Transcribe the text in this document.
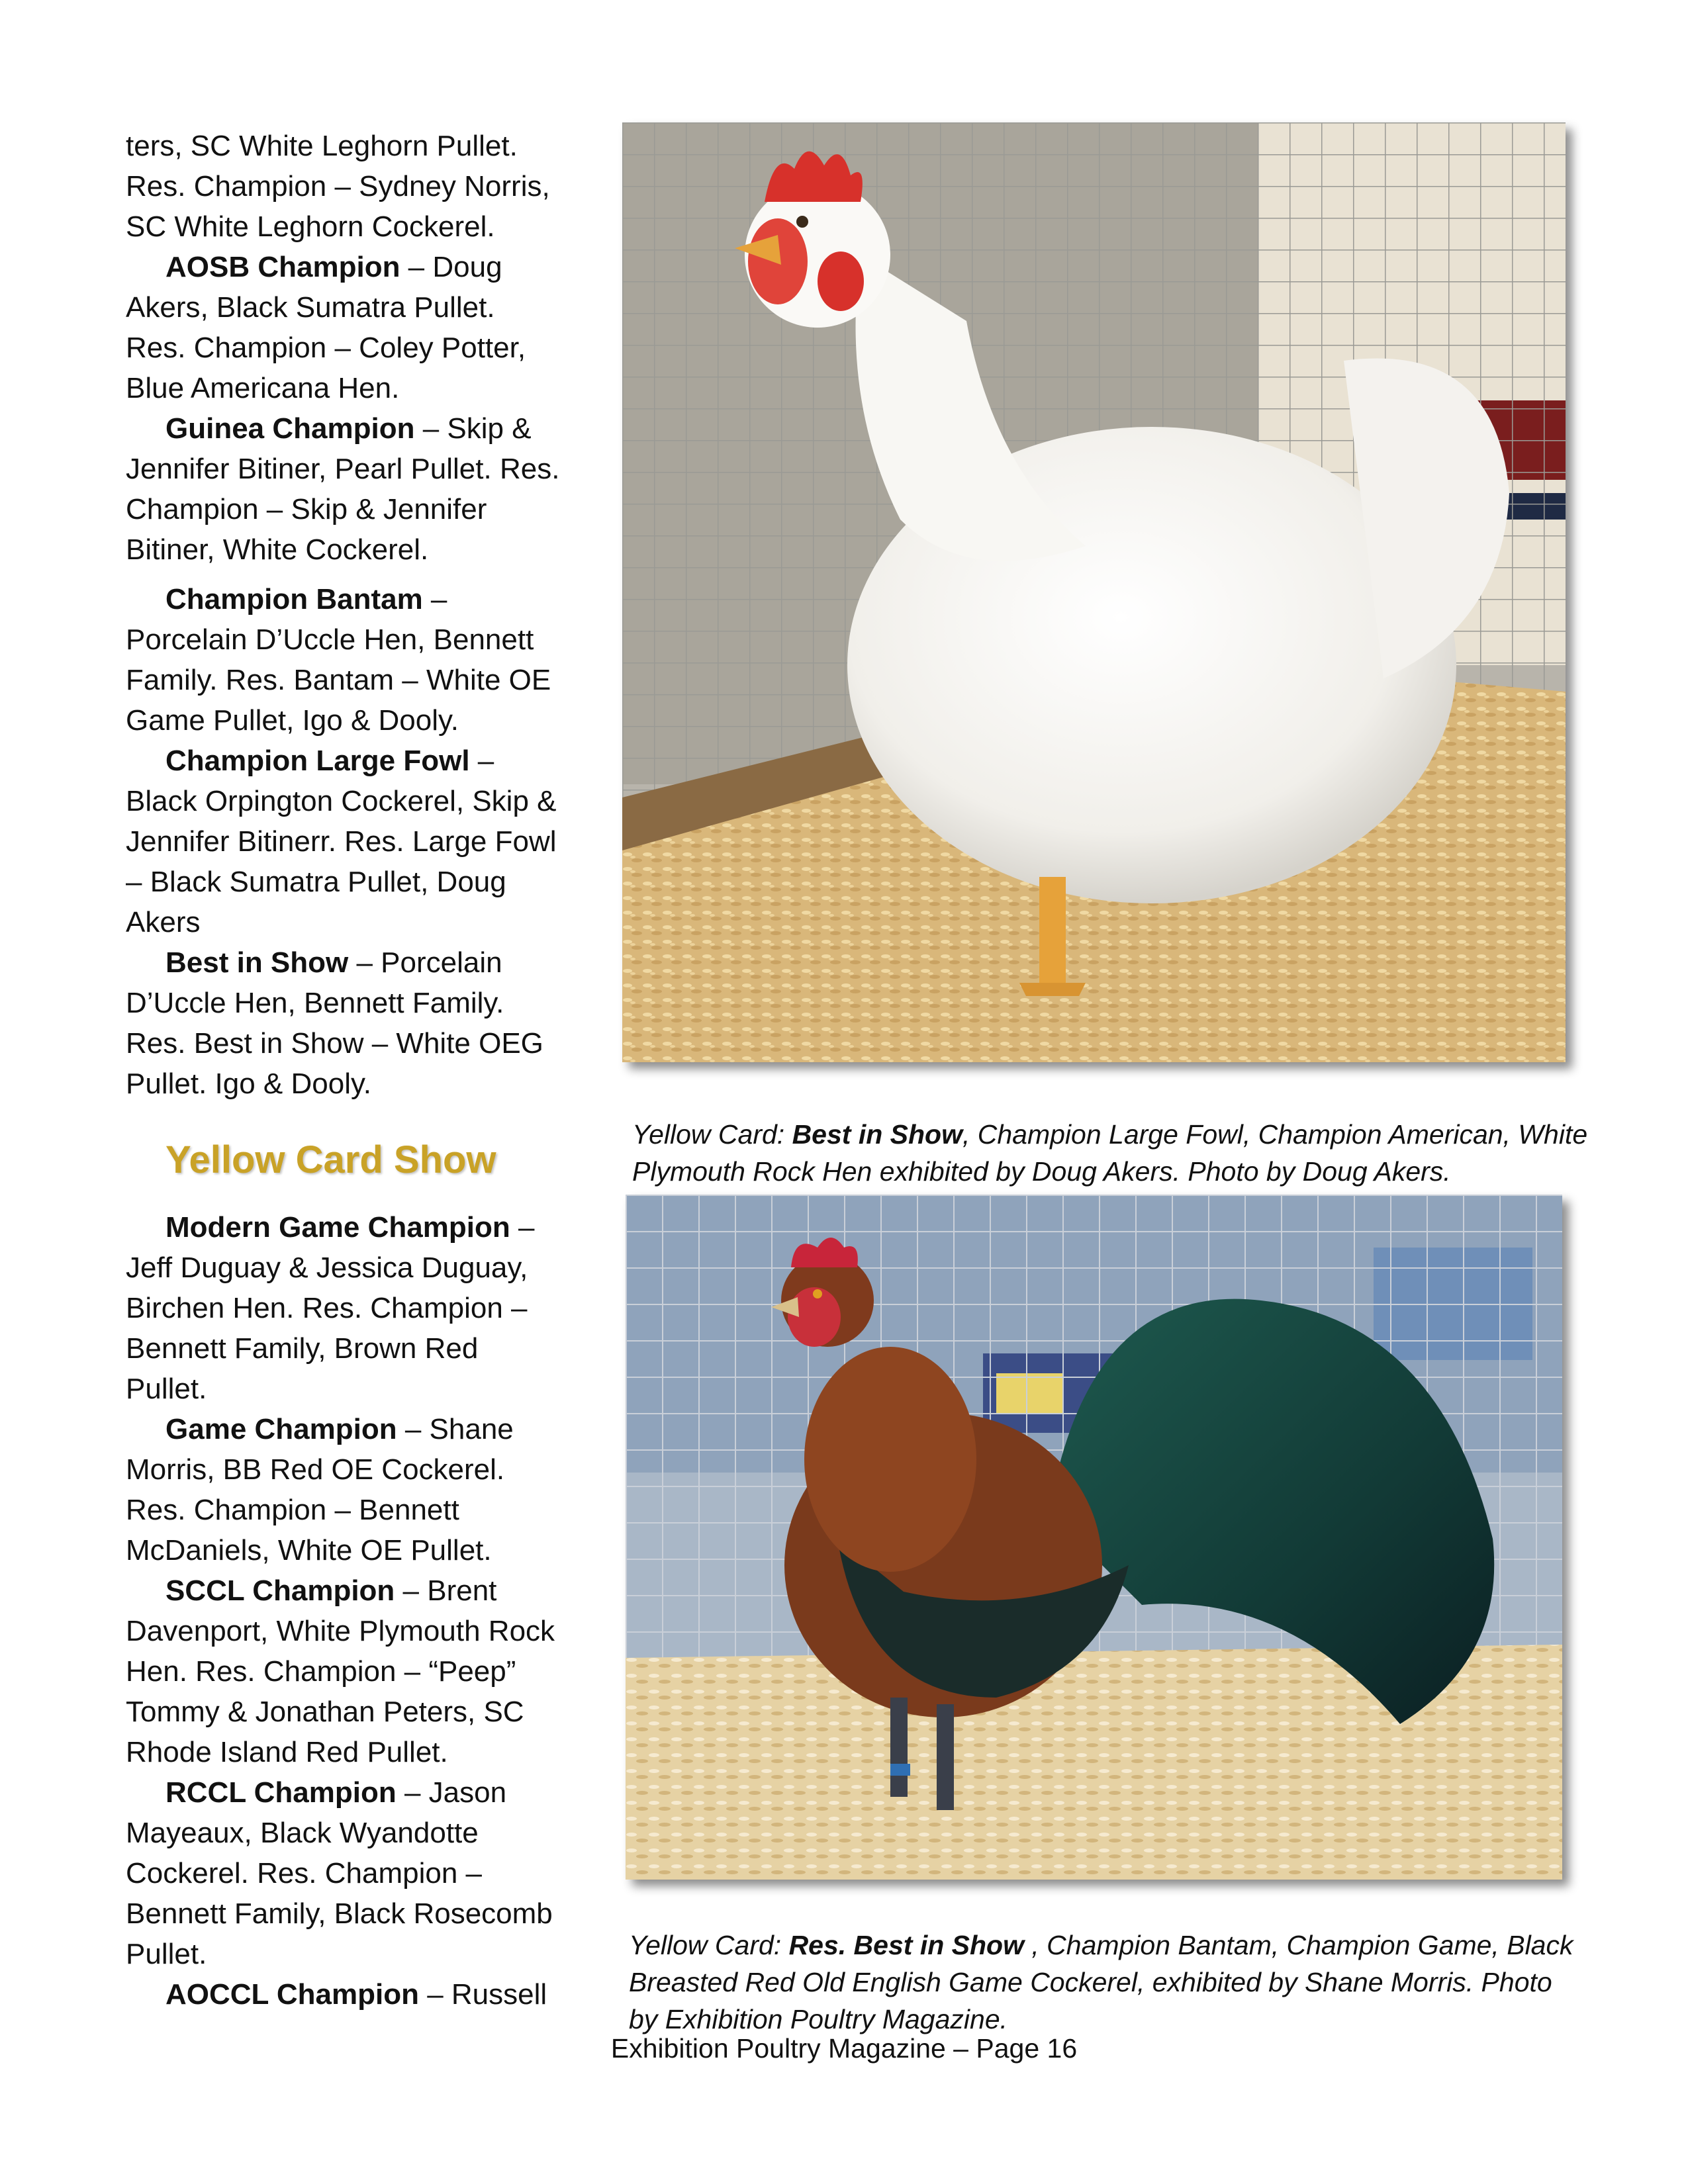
ters, SC White Leghorn Pullet. Res. Champion – Sydney Norris, SC White Leghorn Cockerel.

AOSB Champion – Doug Akers, Black Sumatra Pullet. Res. Champion – Coley Potter, Blue Americana Hen.

Guinea Champion – Skip & Jennifer Bitiner, Pearl Pullet. Res. Champion – Skip & Jennifer Bitiner, White Cockerel.

Champion Bantam – Porcelain D’Uccle Hen, Bennett Family. Res. Bantam – White OE Game Pullet, Igo & Dooly.

Champion Large Fowl – Black Orpington Cockerel, Skip & Jennifer Bitinerr. Res. Large Fowl – Black Sumatra Pullet, Doug Akers

Best in Show – Porcelain D’Uccle Hen, Bennett Family. Res. Best in Show – White OEG Pullet. Igo & Dooly.

Yellow Card Show

Modern Game Champion – Jeff Duguay & Jessica Duguay, Birchen Hen. Res. Champion – Bennett Family, Brown Red Pullet.

Game Champion – Shane Morris, BB Red OE Cockerel. Res. Champion – Bennett McDaniels, White OE Pullet.

SCCL Champion – Brent Davenport, White Plymouth Rock Hen. Res. Champion – “Peep” Tommy & Jonathan Peters, SC Rhode Island Red Pullet.

RCCL Champion – Jason Mayeaux, Black Wyandotte Cockerel. Res. Champion – Bennett Family, Black Rosecomb Pullet.

AOCCL Champion – Russell

Yellow Card: Best in Show, Champion Large Fowl, Champion American, White Plymouth Rock Hen exhibited by Doug Akers. Photo by Doug Akers.

Yellow Card: Res. Best in Show , Champion Bantam, Champion Game, Black Breasted Red Old English Game Cockerel, exhibited by Shane Morris. Photo by Exhibition Poultry Magazine.

Exhibition Poultry Magazine – Page 16
